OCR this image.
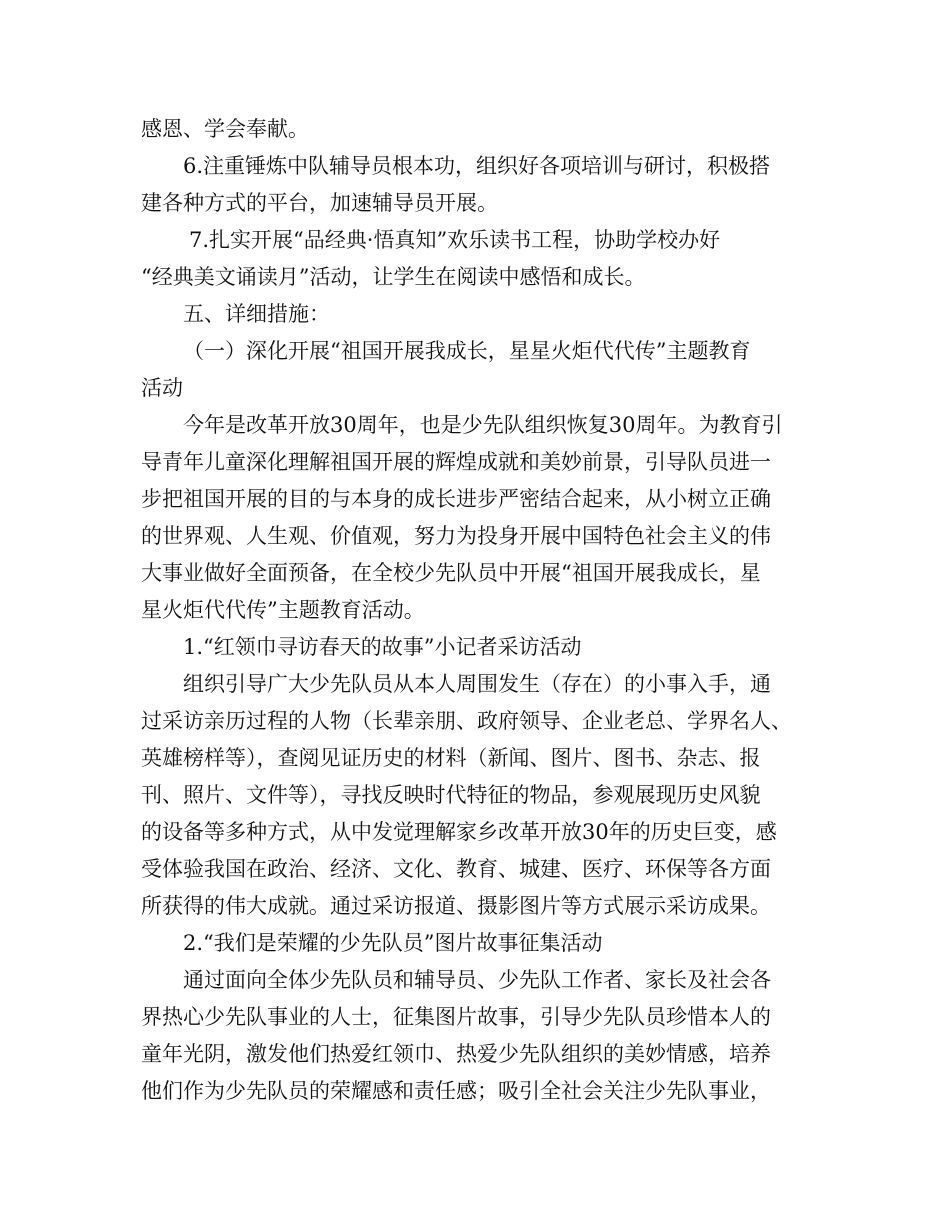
感恩、学会奉献。
6.注重锤炼中队辅导员根本功，组织好各项培训与研讨，积极搭
建各种方式的平台，加速辅导员开展。
7.扎实开展“品经典·悟真知”欢乐读书工程，协助学校办好
“经典美文诵读月”活动，让学生在阅读中感悟和成长。
五、详细措施：
（一）深化开展“祖国开展我成长，星星火炬代代传”主题教育
活动
今年是改革开放30周年，也是少先队组织恢复30周年。为教育引
导青年儿童深化理解祖国开展的辉煌成就和美妙前景，引导队员进一
步把祖国开展的目的与本身的成长进步严密结合起来，从小树立正确
的世界观、人生观、价值观，努力为投身开展中国特色社会主义的伟
大事业做好全面预备，在全校少先队员中开展“祖国开展我成长，星
星火炬代代传”主题教育活动。
1.“红领巾寻访春天的故事”小记者采访活动
组织引导广大少先队员从本人周围发生（存在）的小事入手，通
过采访亲历过程的人物（长辈亲朋、政府领导、企业老总、学界名人、
英雄榜样等），查阅见证历史的材料（新闻、图片、图书、杂志、报
刊、照片、文件等），寻找反映时代特征的物品，参观展现历史风貌
的设备等多种方式，从中发觉理解家乡改革开放30年的历史巨变，感
受体验我国在政治、经济、文化、教育、城建、医疗、环保等各方面
所获得的伟大成就。通过采访报道、摄影图片等方式展示采访成果。
2.“我们是荣耀的少先队员”图片故事征集活动
通过面向全体少先队员和辅导员、少先队工作者、家长及社会各
界热心少先队事业的人士，征集图片故事，引导少先队员珍惜本人的
童年光阴，激发他们热爱红领巾、热爱少先队组织的美妙情感，培养
他们作为少先队员的荣耀感和责任感；吸引全社会关注少先队事业，
